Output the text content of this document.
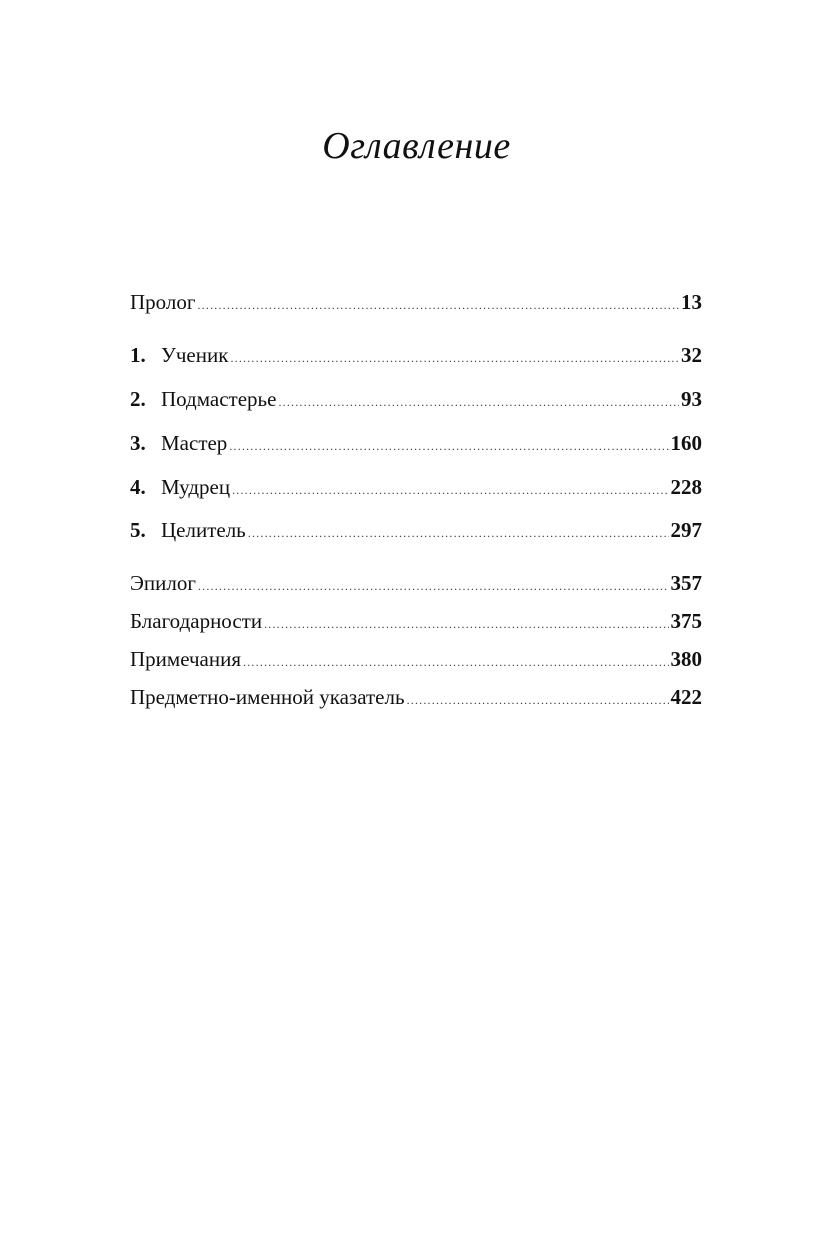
Оглавление
Пролог .....	13
1. Ученик .....	32
2. Подмастерье .....	93
3. Мастер .....	160
4. Мудрец .....	228
5. Целитель .....	297
Эпилог .....	357
Благодарности .....	375
Примечания .....	380
Предметно-именной указатель .....	422
